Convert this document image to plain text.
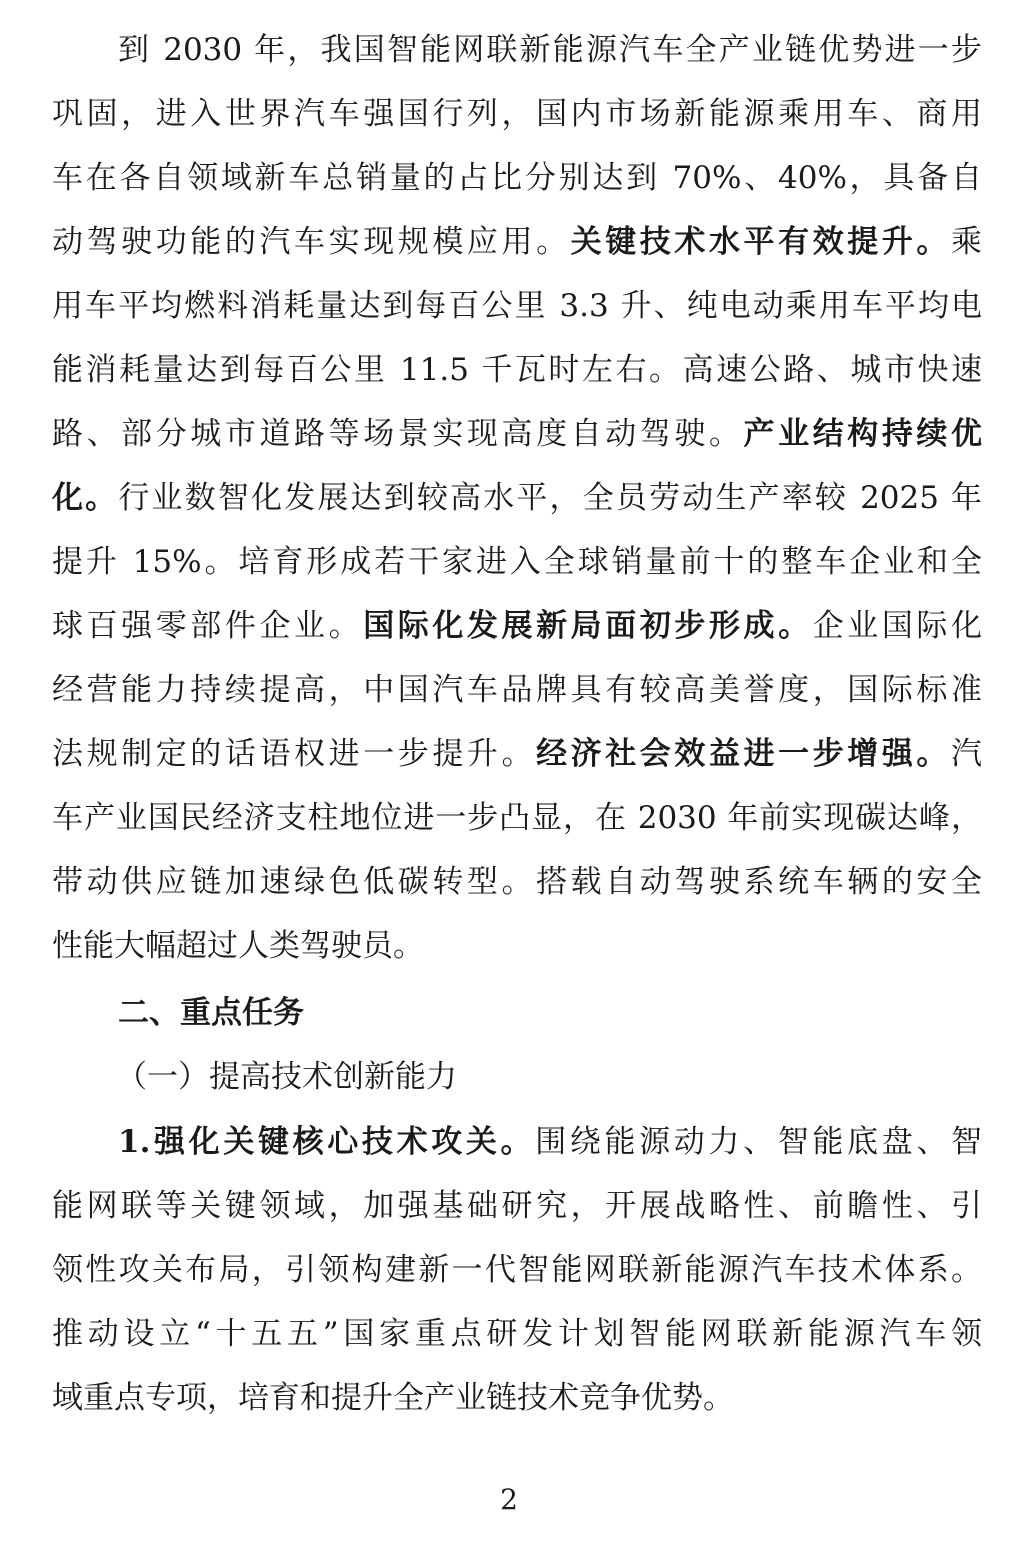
到 2030 年，我国智能网联新能源汽车全产业链优势进一步
巩固，进入世界汽车强国行列，国内市场新能源乘用车、商用
车在各自领域新车总销量的占比分别达到 70%、40%，具备自
动驾驶功能的汽车实现规模应用。关键技术水平有效提升。乘
用车平均燃料消耗量达到每百公里 3.3 升、纯电动乘用车平均电
能消耗量达到每百公里 11.5 千瓦时左右。高速公路、城市快速
路、部分城市道路等场景实现高度自动驾驶。产业结构持续优
化。行业数智化发展达到较高水平，全员劳动生产率较 2025 年
提升 15%。培育形成若干家进入全球销量前十的整车企业和全
球百强零部件企业。国际化发展新局面初步形成。企业国际化
经营能力持续提高，中国汽车品牌具有较高美誉度，国际标准
法规制定的话语权进一步提升。经济社会效益进一步增强。汽
车产业国民经济支柱地位进一步凸显，在 2030 年前实现碳达峰，
带动供应链加速绿色低碳转型。搭载自动驾驶系统车辆的安全
性能大幅超过人类驾驶员。
二、重点任务
（一）提高技术创新能力
1.强化关键核心技术攻关。围绕能源动力、智能底盘、智
能网联等关键领域，加强基础研究，开展战略性、前瞻性、引
领性攻关布局，引领构建新一代智能网联新能源汽车技术体系。
推动设立“十五五”国家重点研发计划智能网联新能源汽车领
域重点专项，培育和提升全产业链技术竞争优势。
2
